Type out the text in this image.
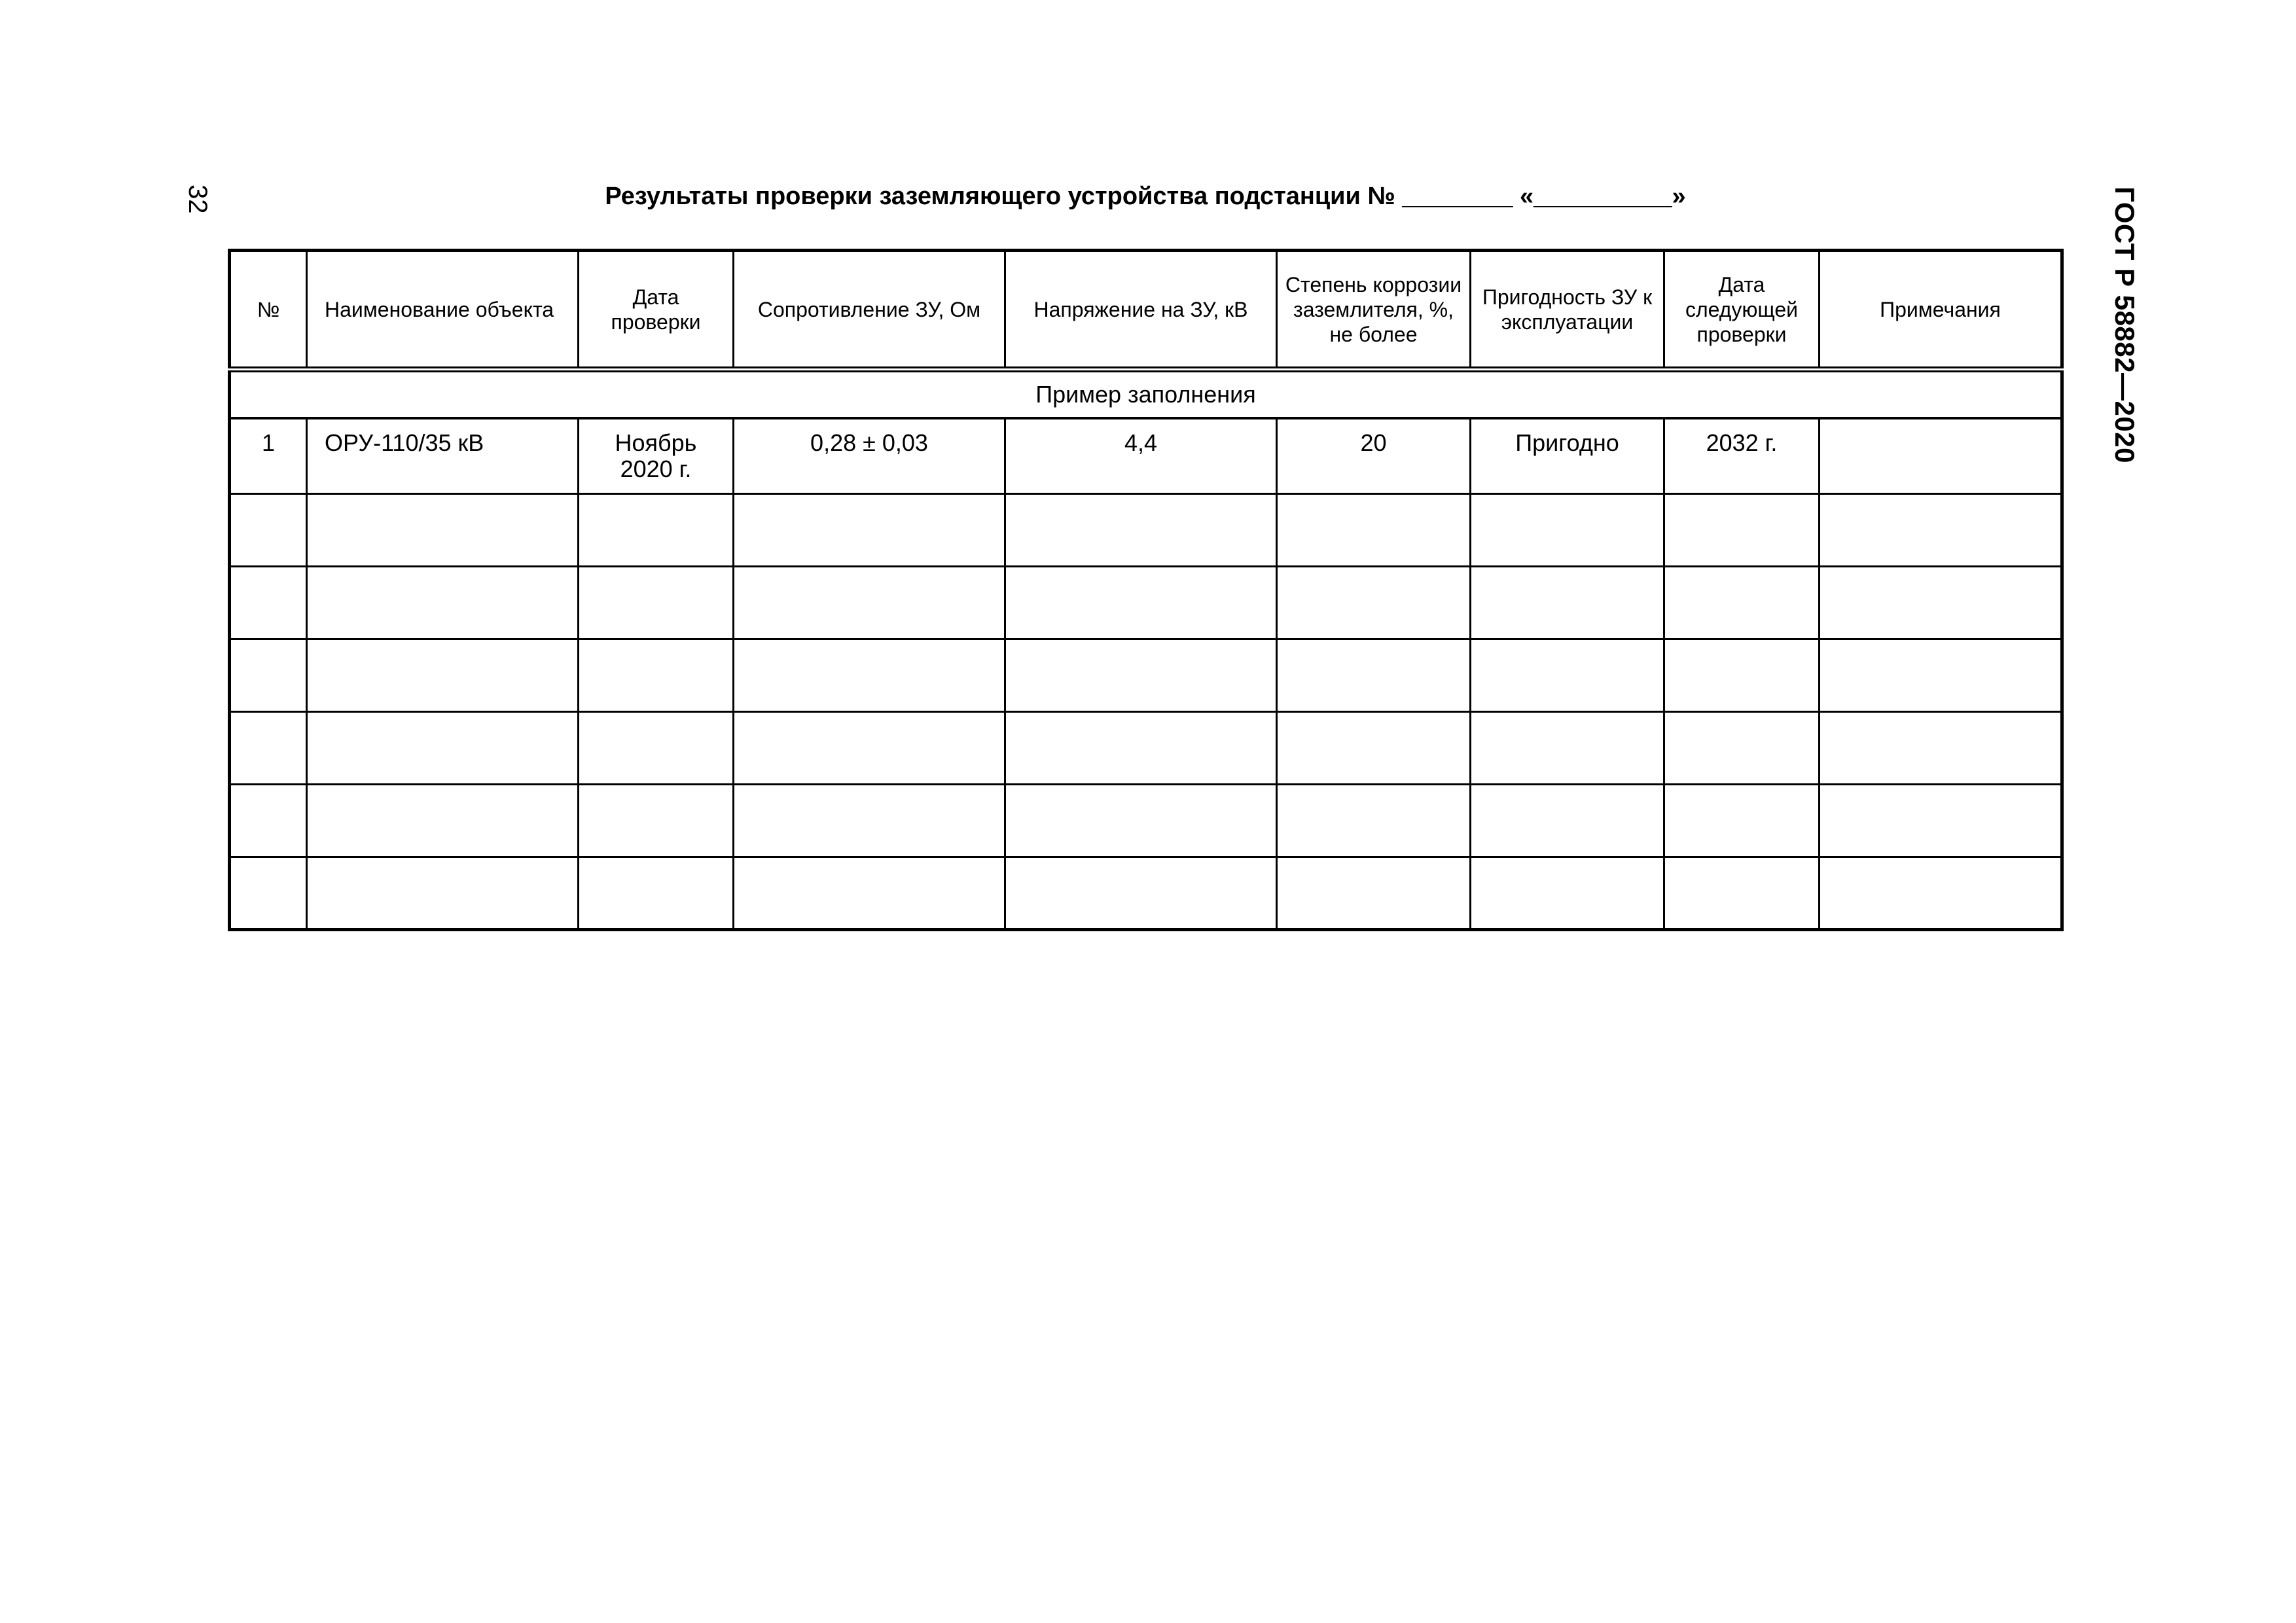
32	ГОСТ Р 58882—2020
Результаты проверки заземляющего устройства подстанции № ________ «__________»
№	Наименование объекта	Дата проверки	Сопротивление ЗУ, Ом	Напряжение на ЗУ, кВ	Степень коррозии заземлителя, %, не более	Пригодность ЗУ к эксплуатации	Дата следующей проверки	Примечания
Пример заполнения								
1	ОРУ-110/35 кВ	Ноябрь 2020 г.	0,28 ± 0,03	4,4	20	Пригодно	2032 г.	
